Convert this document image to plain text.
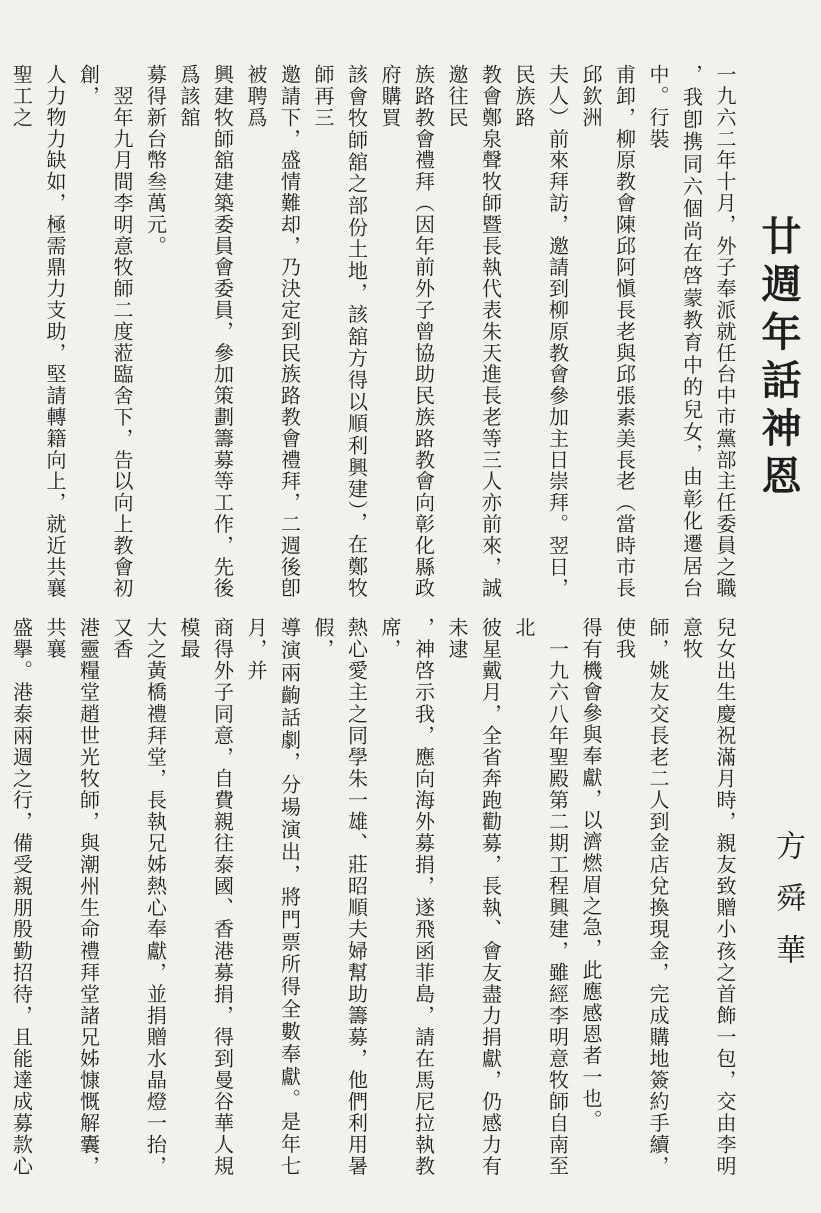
廿週年話神恩
一九六二年十月，外子奉派就任台中市黨部主任委員之職
，我卽携同六個尚在啓蒙教育中的兒女，由彰化遷居台中。行裝
甫卸，柳原教會陳邱阿愼長老與邱張素美長老（當時市長邱欽洲
夫人）前來拜訪，邀請到柳原教會參加主日崇拜。翌日，民族路
教會鄭泉聲牧師暨長執代表朱天進長老等三人亦前來，誠邀往民
族路教會禮拜（因年前外子曾協助民族路教會向彰化縣政府購買
該會牧師舘之部份土地，該舘方得以順利興建），在鄭牧師再三
邀請下，盛情難却，乃決定到民族路教會禮拜，二週後卽被聘爲
興建牧師舘建築委員會委員，參加策劃籌募等工作，先後爲該舘
募得新台幣叁萬元。
　翌年九月間李明意牧師二度蒞臨舍下，告以向上教會初創，
人力物力缺如，極需鼎力支助，堅請轉籍向上，就近共襄聖工之
兒女出生慶祝滿月時，親友致贈小孩之首飾一包，交由李明意牧
師，姚友交長老二人到金店兌換現金，完成購地簽約手續，使我
得有機會參與奉獻，以濟燃眉之急，此應感恩者一也。
　一九六八年聖殿第二期工程興建，雖經李明意牧師自南至北
彼星戴月，全省奔跑勸募，長執、會友盡力捐獻，仍感力有未逮
，神啓示我，應向海外募捐，遂飛函菲島，請在馬尼拉執教席，
熱心愛主之同學朱一雄、莊昭順夫婦幫助籌募，他們利用暑假，
導演兩齣話劇，分場演出，將門票所得全數奉獻。是年七月，并
商得外子同意，自費親往泰國、香港募捐，得到曼谷華人規模最
大之黃橋禮拜堂，長執兄姊熱心奉獻，並捐贈水晶燈一抬，又香
港靈糧堂趙世光牧師，與潮州生命禮拜堂諸兄姊慷慨解囊，共襄
盛擧。港泰兩週之行，備受親朋殷勤招待，且能達成募款心

方舜華
